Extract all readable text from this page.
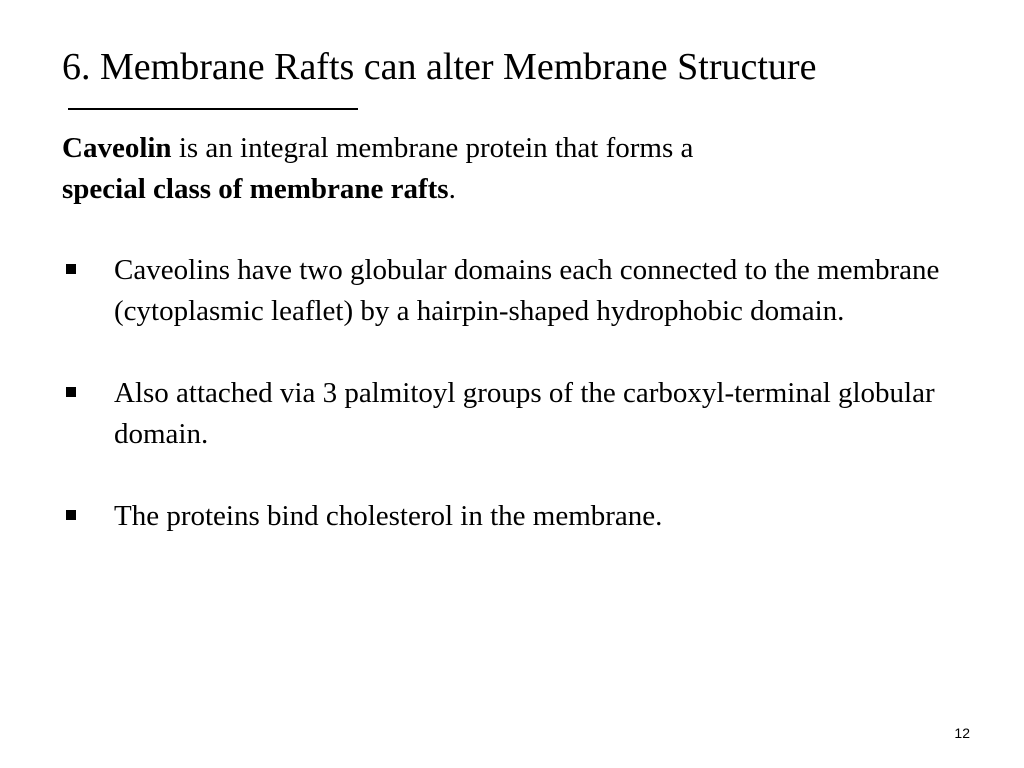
6. Membrane Rafts can alter Membrane Structure
Caveolin is an integral membrane protein that forms a
special class of membrane rafts.
Caveolins have two globular domains each connected to the membrane (cytoplasmic leaflet) by a hairpin-shaped hydrophobic domain.
Also attached via 3 palmitoyl groups of the carboxyl-terminal globular domain.
The proteins bind cholesterol in the membrane.
12
